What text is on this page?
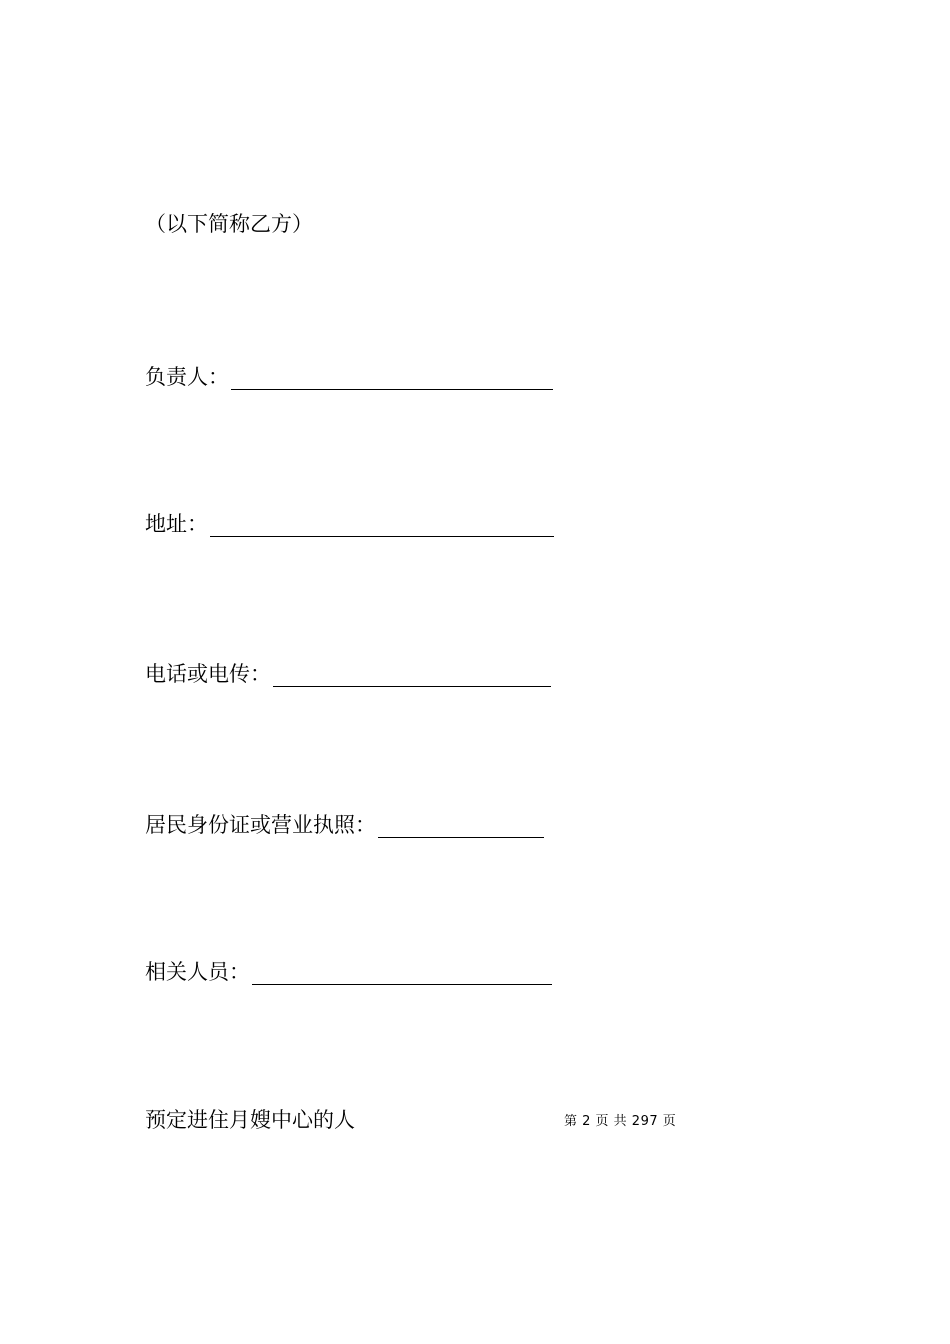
（以下简称乙方）
负责人：
地址：
电话或电传：
居民身份证或营业执照：
相关人员：
预定进住月嫂中心的人	第 2 页 共 297 页
